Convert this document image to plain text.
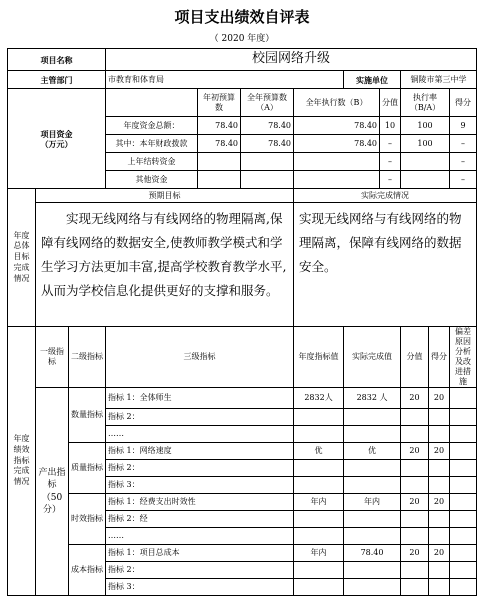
项目支出绩效自评表
（ 2020 年度）
项目名称			校园网络升级								
主管部门			市教育和体育局				实施单位		铜陵市第三中学		
项目资金
（万元）				年初预算数	全年预算数（A）	全年执行数（B）		分值	执行率（B/A）		得分
			年度资金总额：	78.40	78.40	78.40		10	100		9
			其中：本年财政拨款	78.40	78.40	78.40		–	100		–
			上年结转资金					–			–
			其他资金					–			–
年度总体目标完成情况	预期目标					实际完成情况					
	实现无线网络与有线网络的物理隔离,保障有线网络的数据安全,使教师教学模式和学生学习方法更加丰富,提高学校教育教学水平,从而为学校信息化提供更好的支撑和服务。					实现无线网络与有线网络的物理隔离，保障有线网络的数据安全。					
年度绩效指标完成情况	一级指标	二级指标	三级指标			年度指标值	实际完成值		分值	得分	偏差原因分析及改进措施
	产出指标（50分）	数量指标	指标 1：全体师生			2832人	2832 人		20	20	
			指标 2：								
			……								
		质量指标	指标 1：网络速度			优	优		20	20	
			指标 2：								
			指标 3：								
		时效指标	指标 1：经费支出时效性			年内	年内		20	20	
			指标 2：经								
			……								
		成本指标	指标 1：项目总成本			年内	78.40		20	20	
			指标 2：								
			指标 3：								
